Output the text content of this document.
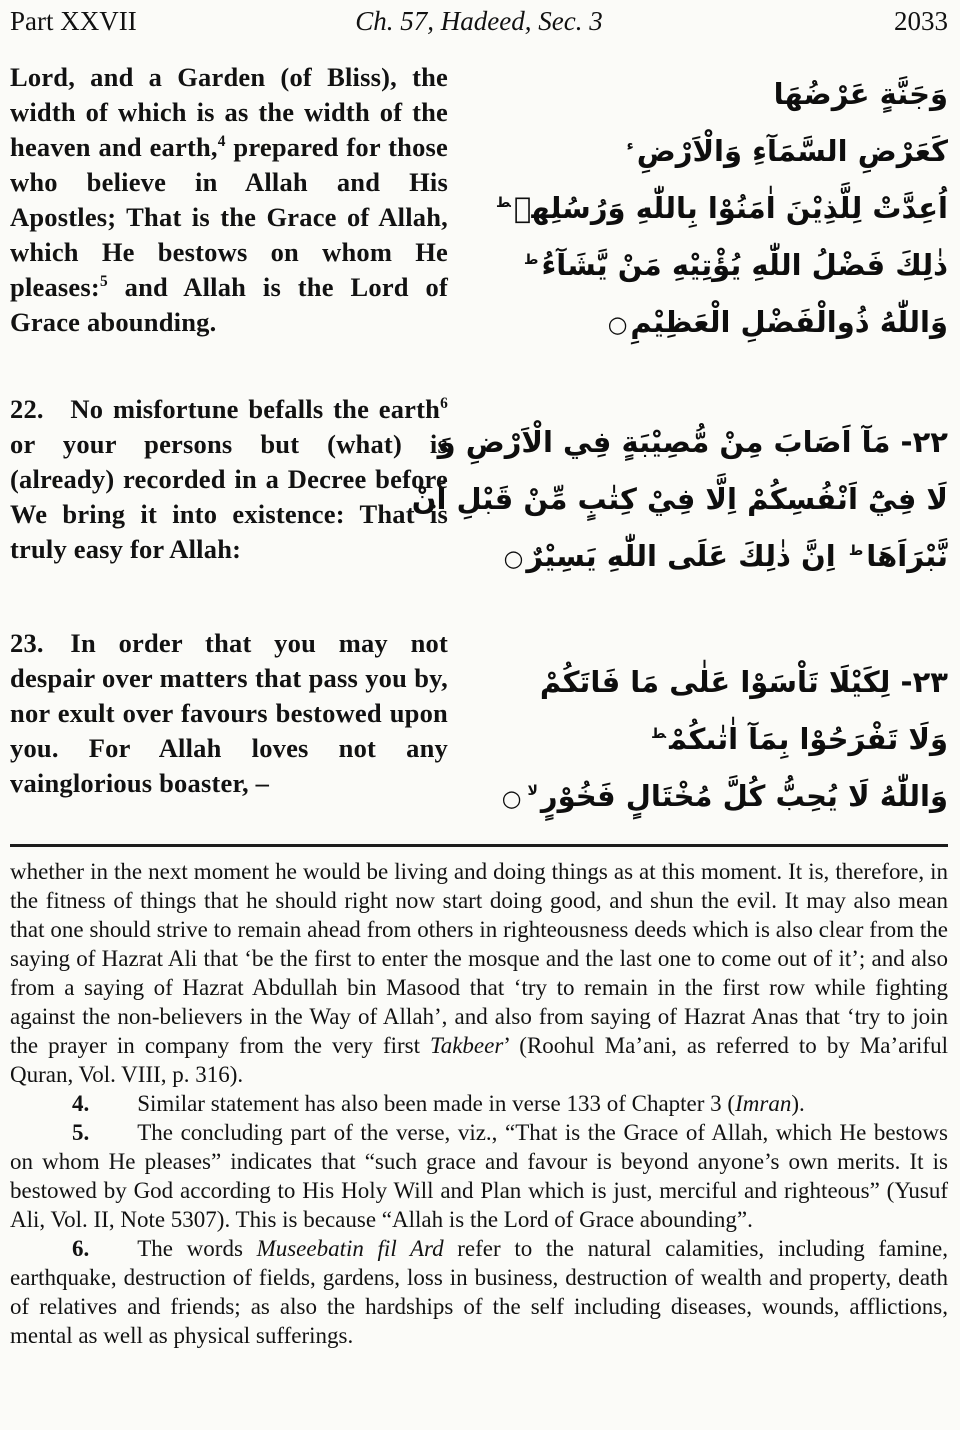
Part XXVII	Ch. 57, Hadeed, Sec. 3	2033
Lord, and a Garden (of Bliss), the width of which is as the width of the heaven and earth,$^4$ prepared for those who believe in Allah and His Apostles; That is the Grace of Allah, which He bestows on whom He pleases:$^5$ and Allah is the Lord of Grace abounding.
وَجَنَّةٍ عَرْضُهَا
كَعَرْضِ السَّمَآءِ وَالْاَرْضِ$^ء$
اُعِدَّتْ لِلَّذِيْنَ اٰمَنُوْا بِاللّٰهِ وَرُسُلِهٖ$^ط$
ذٰلِكَ فَضْلُ اللّٰهِ يُؤْتِيْهِ مَنْ يَّشَآءُ$^ط$
وَاللّٰهُ ذُوالْفَضْلِ الْعَظِيْمِ○
22. No misfortune befalls the earth$^6$ or your persons but (what) is (already) recorded in a Decree before We bring it into existence: That is truly easy for Allah:
٢٢- مَآ اَصَابَ مِنْ مُّصِيْبَةٍ فِي الْاَرْضِ وَ
لَا فِيْٓ اَنْفُسِكُمْ اِلَّا فِيْ كِتٰبٍ مِّنْ قَبْلِ اَنْ
نَّبْرَاَهَا$^ط$ اِنَّ ذٰلِكَ عَلَى اللّٰهِ يَسِيْرٌ○
23. In order that you may not despair over matters that pass you by, nor exult over favours bestowed upon you. For Allah loves not any vainglorious boaster, –
٢٣- لِكَيْلَا تَاْسَوْا عَلٰى مَا فَاتَكُمْ
وَلَا تَفْرَحُوْا بِمَآ اٰتٰىكُمْ$^ط$
وَاللّٰهُ لَا يُحِبُّ كُلَّ مُخْتَالٍ فَخُوْرٍ$^{لا}$○

whether in the next moment he would be living and doing things as at this moment. It is, therefore, in the fitness of things that he should right now start doing good, and shun the evil. It may also mean that one should strive to remain ahead from others in righteousness deeds which is also clear from the saying of Hazrat Ali that ‘be the first to enter the mosque and the last one to come out of it’; and also from a saying of Hazrat Abdullah bin Masood that ‘try to remain in the first row while fighting against the non-believers in the Way of Allah’, and also from saying of Hazrat Anas that ‘try to join the prayer in company from the very first Takbeer’ (Roohul Ma’ani, as referred to by Ma’ariful Quran, Vol. VIII, p. 316).

4. Similar statement has also been made in verse 133 of Chapter 3 (Imran).

5. The concluding part of the verse, viz., “That is the Grace of Allah, which He bestows on whom He pleases” indicates that “such grace and favour is beyond anyone’s own merits. It is bestowed by God according to His Holy Will and Plan which is just, merciful and righteous” (Yusuf Ali, Vol. II, Note 5307). This is because “Allah is the Lord of Grace abounding”.

6. The words Museebatin fil Ard refer to the natural calamities, including famine, earthquake, destruction of fields, gardens, loss in business, destruction of wealth and property, death of relatives and friends; as also the hardships of the self including diseases, wounds, afflictions, mental as well as physical sufferings.
